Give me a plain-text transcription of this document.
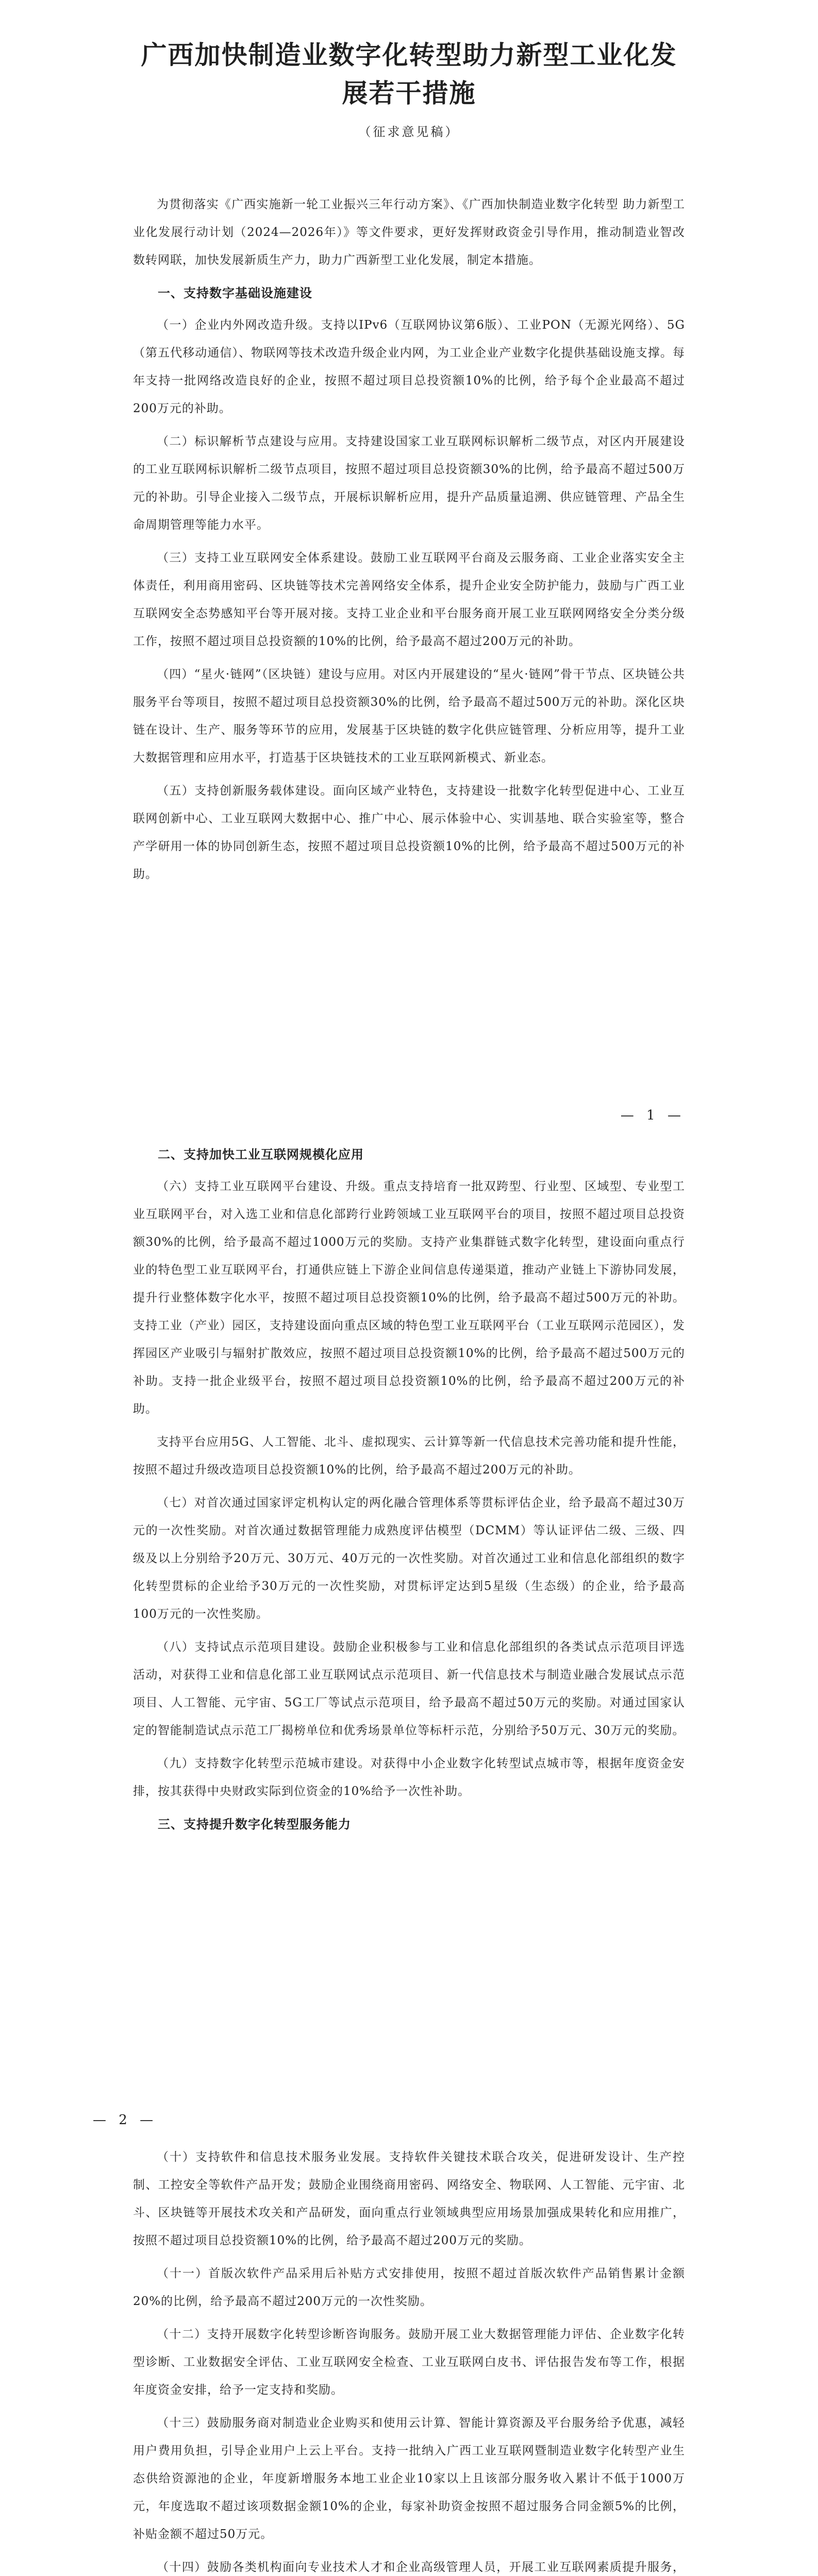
广西加快制造业数字化转型助力新型工业化发展若干措施
（征求意见稿）

为贯彻落实《广西实施新一轮工业振兴三年行动方案》、《广西加快制造业数字化转型 助力新型工业化发展行动计划（2024—2026年）》等文件要求，更好发挥财政资金引导作用，推动制造业智改数转网联，加快发展新质生产力，助力广西新型工业化发展，制定本措施。

一、支持数字基础设施建设

（一）企业内外网改造升级。支持以IPv6（互联网协议第6版）、工业PON（无源光网络）、5G（第五代移动通信）、物联网等技术改造升级企业内网，为工业企业产业数字化提供基础设施支撑。每年支持一批网络改造良好的企业，按照不超过项目总投资额10%的比例，给予每个企业最高不超过200万元的补助。

（二）标识解析节点建设与应用。支持建设国家工业互联网标识解析二级节点，对区内开展建设的工业互联网标识解析二级节点项目，按照不超过项目总投资额30%的比例，给予最高不超过500万元的补助。引导企业接入二级节点，开展标识解析应用，提升产品质量追溯、供应链管理、产品全生命周期管理等能力水平。

（三）支持工业互联网安全体系建设。鼓励工业互联网平台商及云服务商、工业企业落实安全主体责任，利用商用密码、区块链等技术完善网络安全体系，提升企业安全防护能力，鼓励与广西工业互联网安全态势感知平台等开展对接。支持工业企业和平台服务商开展工业互联网网络安全分类分级工作，按照不超过项目总投资额的10%的比例，给予最高不超过200万元的补助。

（四）“星火·链网”（区块链）建设与应用。对区内开展建设的“星火·链网”骨干节点、区块链公共服务平台等项目，按照不超过项目总投资额30%的比例，给予最高不超过500万元的补助。深化区块链在设计、生产、服务等环节的应用，发展基于区块链的数字化供应链管理、分析应用等，提升工业大数据管理和应用水平，打造基于区块链技术的工业互联网新模式、新业态。

（五）支持创新服务载体建设。面向区域产业特色，支持建设一批数字化转型促进中心、工业互联网创新中心、工业互联网大数据中心、推广中心、展示体验中心、实训基地、联合实验室等，整合产学研用一体的协同创新生态，按照不超过项目总投资额10%的比例，给予最高不超过500万元的补助。

— 1 —
二、支持加快工业互联网规模化应用

（六）支持工业互联网平台建设、升级。重点支持培育一批双跨型、行业型、区域型、专业型工业互联网平台，对入选工业和信息化部跨行业跨领域工业互联网平台的项目，按照不超过项目总投资额30%的比例，给予最高不超过1000万元的奖励。支持产业集群链式数字化转型，建设面向重点行业的特色型工业互联网平台，打通供应链上下游企业间信息传递渠道，推动产业链上下游协同发展，提升行业整体数字化水平，按照不超过项目总投资额10%的比例，给予最高不超过500万元的补助。支持工业（产业）园区，支持建设面向重点区域的特色型工业互联网平台（工业互联网示范园区），发挥园区产业吸引与辐射扩散效应，按照不超过项目总投资额10%的比例，给予最高不超过500万元的补助。支持一批企业级平台，按照不超过项目总投资额10%的比例，给予最高不超过200万元的补助。

支持平台应用5G、人工智能、北斗、虚拟现实、云计算等新一代信息技术完善功能和提升性能，按照不超过升级改造项目总投资额10%的比例，给予最高不超过200万元的补助。

（七）对首次通过国家评定机构认定的两化融合管理体系等贯标评估企业，给予最高不超过30万元的一次性奖励。对首次通过数据管理能力成熟度评估模型（DCMM）等认证评估二级、三级、四级及以上分别给予20万元、30万元、40万元的一次性奖励。对首次通过工业和信息化部组织的数字化转型贯标的企业给予30万元的一次性奖励，对贯标评定达到5星级（生态级）的企业，给予最高100万元的一次性奖励。

（八）支持试点示范项目建设。鼓励企业积极参与工业和信息化部组织的各类试点示范项目评选活动，对获得工业和信息化部工业互联网试点示范项目、新一代信息技术与制造业融合发展试点示范项目、人工智能、元宇宙、5G工厂等试点示范项目，给予最高不超过50万元的奖励。对通过国家认定的智能制造试点示范工厂揭榜单位和优秀场景单位等标杆示范，分别给予50万元、30万元的奖励。

（九）支持数字化转型示范城市建设。对获得中小企业数字化转型试点城市等，根据年度资金安排，按其获得中央财政实际到位资金的10%给予一次性补助。

三、支持提升数字化转型服务能力
— 2 —

（十）支持软件和信息技术服务业发展。支持软件关键技术联合攻关，促进研发设计、生产控制、工控安全等软件产品开发；鼓励企业围绕商用密码、网络安全、物联网、人工智能、元宇宙、北斗、区块链等开展技术攻关和产品研发，面向重点行业领域典型应用场景加强成果转化和应用推广，按照不超过项目总投资额10%的比例，给予最高不超过200万元的奖励。

（十一）首版次软件产品采用后补贴方式安排使用，按照不超过首版次软件产品销售累计金额20%的比例，给予最高不超过200万元的一次性奖励。

（十二）支持开展数字化转型诊断咨询服务。鼓励开展工业大数据管理能力评估、企业数字化转型诊断、工业数据安全评估、工业互联网安全检查、工业互联网白皮书、评估报告发布等工作，根据年度资金安排，给予一定支持和奖励。

（十三）鼓励服务商对制造业企业购买和使用云计算、智能计算资源及平台服务给予优惠，减轻用户费用负担，引导企业用户上云上平台。支持一批纳入广西工业互联网暨制造业数字化转型产业生态供给资源池的企业，年度新增服务本地工业企业10家以上且该部分服务收入累计不低于1000万元，年度选取不超过该项数据金额10%的企业，每家补助资金按照不超过服务合同金额5%的比例，补贴金额不超过50万元。

（十四）鼓励各类机构面向专业技术人才和企业高级管理人员，开展工业互联网素质提升服务，
